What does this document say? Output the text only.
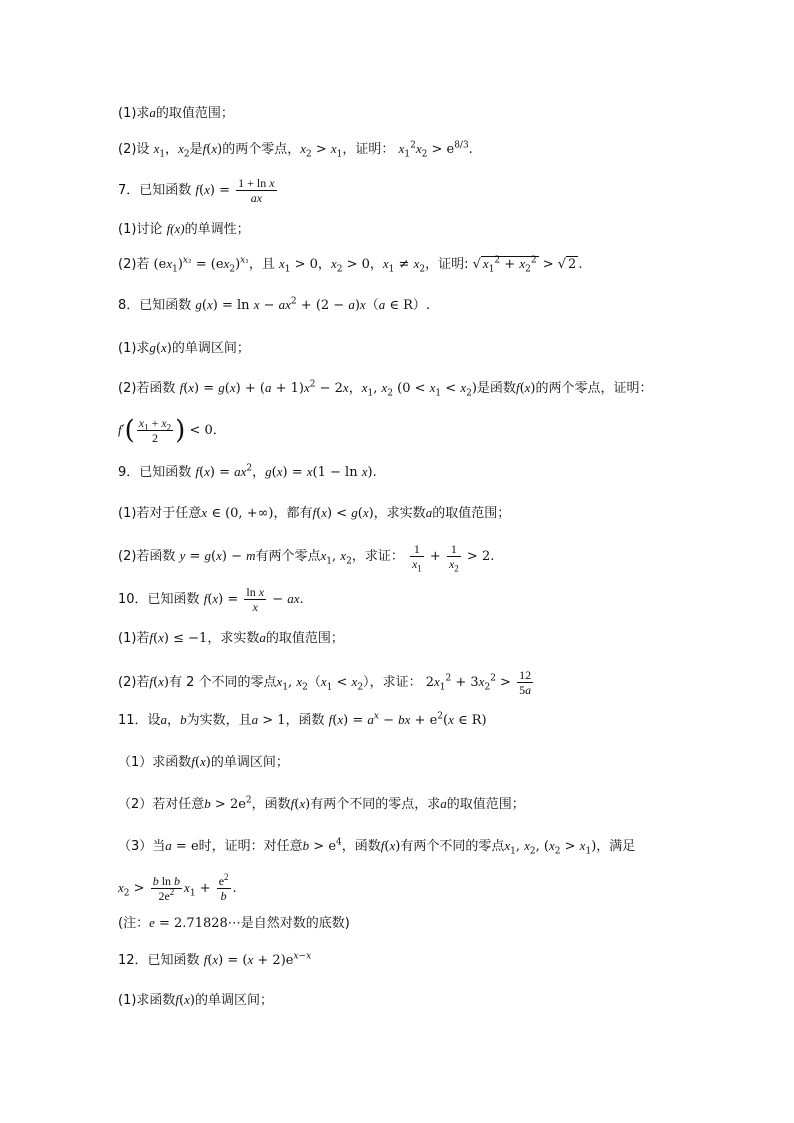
(1)求a的取值范围；
(2)设 $x_1$，$x_2$是f(x)的两个零点，$x_2 > x_1$，证明： $x_1^2x_2 > e^{8/3}$.
7．已知函数 $f(x) = \frac{\text{1 + ln x}}{ax}$
(1)讨论 f(x)的单调性；
(2)若 $(ex_1)^{x_2} = (ex_2)^{x_1}$，且 $x_1 > 0$，$x_2 > 0$，$x_1 \ne x_2$，证明: √ $x_1^2 + x_2^2$ > √ 2 .
8．已知函数 $g(x) = \ln x - ax^2 + (2 - a)x(a$ ∈ R）.
(1)求g(x)的单调区间；
(2)若函数 $f(x) = g(x) + (a + 1)x^2 - 2x$，$x_1$, $x_2$ $(0 < x_1 < x_2)$是函数f(x)的两个零点，证明：
$f'( \frac{x_1 + x_2}{2}$ ) < 0．
9．已知函数 $f(x) = ax^2$，g(x) = x(1 − ln x).
(1)若对于任意x ∈ (0, +∞)，都有f(x) < g(x)，求实数a的取值范围；
(2)若函数 y = g(x) − m有两个零点$x_1$, $x_2$，求证： $\frac{1}{x_1} + \frac{1}{x_2} > 2$.
10．已知函数 $f(x) = \frac{\text{ln x}}{x}$ − ax.
(1)若f(x) ≤ −1，求实数a的取值范围；
(2)若f(x)有 2 个不同的零点$x_1$, $x_2(x_1 < x_2)$，求证： $2x_1^2 + 3x_2^2 > \frac{12}{5a}$
11．设a，b为实数，且a > 1，函数 $f(x) = a^x$ − bx + $e^2(x$ ∈ R)
（1）求函数f(x)的单调区间；
（2）若对任意$b > 2e^2$，函数f(x)有两个不同的零点，求a的取值范围；
（3）当a = e时，证明：对任意$b > e^4$，函数f(x)有两个不同的零点$x_1$, $x_2$, $(x_2 > x_1)$，满足
$x_2 > \frac{\text{b ln b}}{2e^2} x_1 + \frac{e^2}{b}$ .
(注：e = 2.71828⋯是自然对数的底数)
12．已知函数 $f(x) = (x + 2)e^{x-x}$
(1)求函数f(x)的单调区间；
